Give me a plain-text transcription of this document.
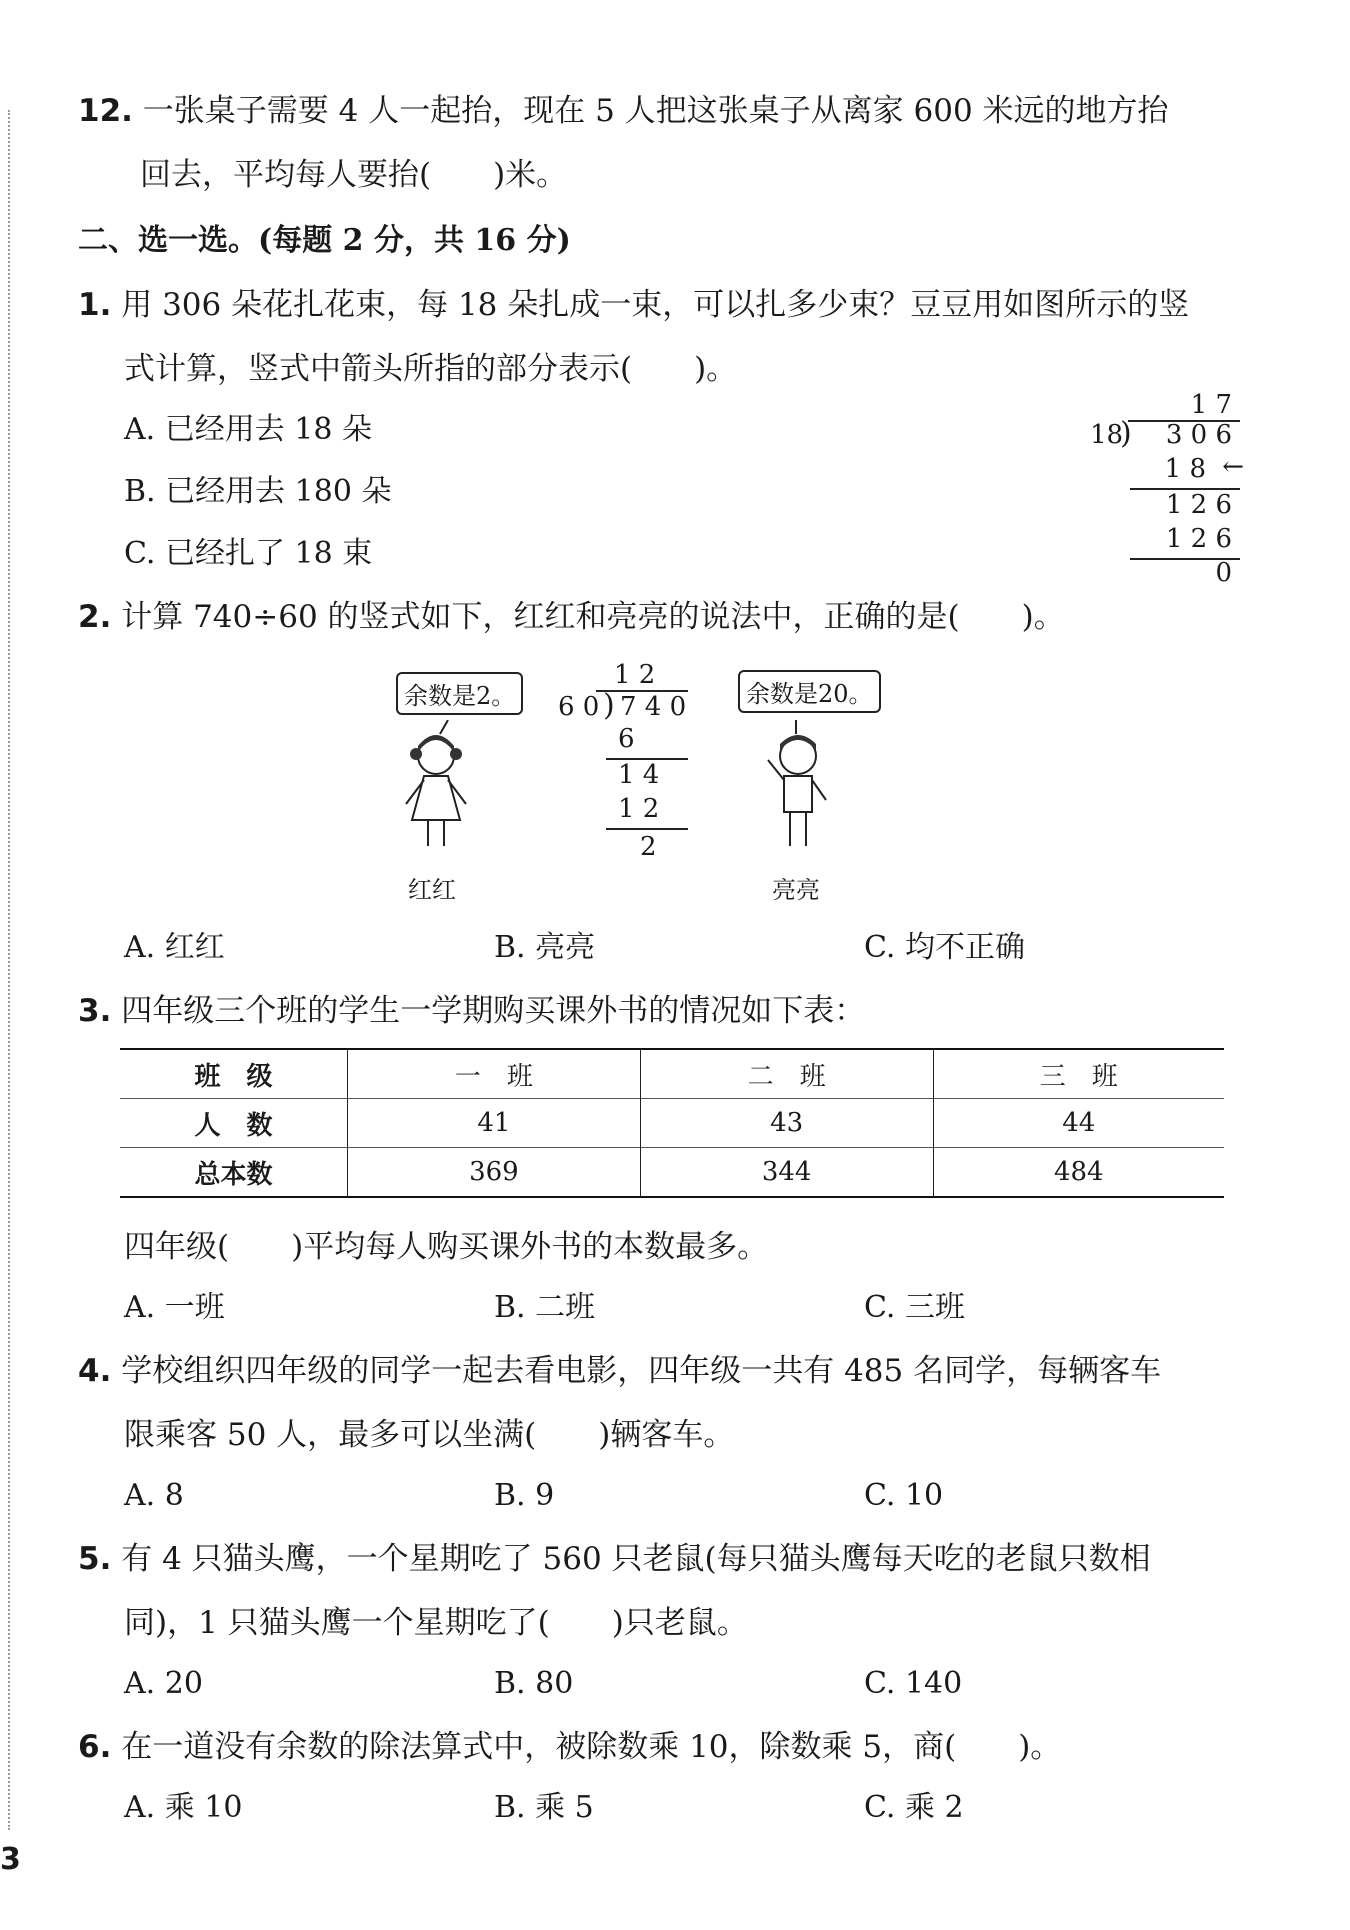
12. 一张桌子需要 4 人一起抬，现在 5 人把这张桌子从离家 600 米远的地方抬
回去，平均每人要抬(　　)米。
二、选一选。(每题 2 分，共 16 分)
1. 用 306 朵花扎花束，每 18 朵扎成一束，可以扎多少束？豆豆用如图所示的竖
式计算，竖式中箭头所指的部分表示(　　)。
A. 已经用去 18 朵
B. 已经用去 180 朵
C. 已经扎了 18 束
1 7
18
) 3 0 6
1 8 ←
1 2 6
1 2 6
0
2. 计算 740÷60 的竖式如下，红红和亮亮的说法中，正确的是(　　)。
余数是2。
红红
1 2
6 0 ) 7 4 0
6
1 4
1 2
2
余数是20。
亮亮
A. 红红	B. 亮亮	C. 均不正确
3. 四年级三个班的学生一学期购买课外书的情况如下表：
班　级	一　班	二　班	三　班
人　数	41	43	44
总本数	369	344	484
四年级(　　)平均每人购买课外书的本数最多。
A. 一班	B. 二班	C. 三班
4. 学校组织四年级的同学一起去看电影，四年级一共有 485 名同学，每辆客车
限乘客 50 人，最多可以坐满(　　)辆客车。
A. 8	B. 9	C. 10
5. 有 4 只猫头鹰，一个星期吃了 560 只老鼠(每只猫头鹰每天吃的老鼠只数相
同)，1 只猫头鹰一个星期吃了(　　)只老鼠。
A. 20	B. 80	C. 140
6. 在一道没有余数的除法算式中，被除数乘 10，除数乘 5，商(　　)。
A. 乘 10	B. 乘 5	C. 乘 2
3
